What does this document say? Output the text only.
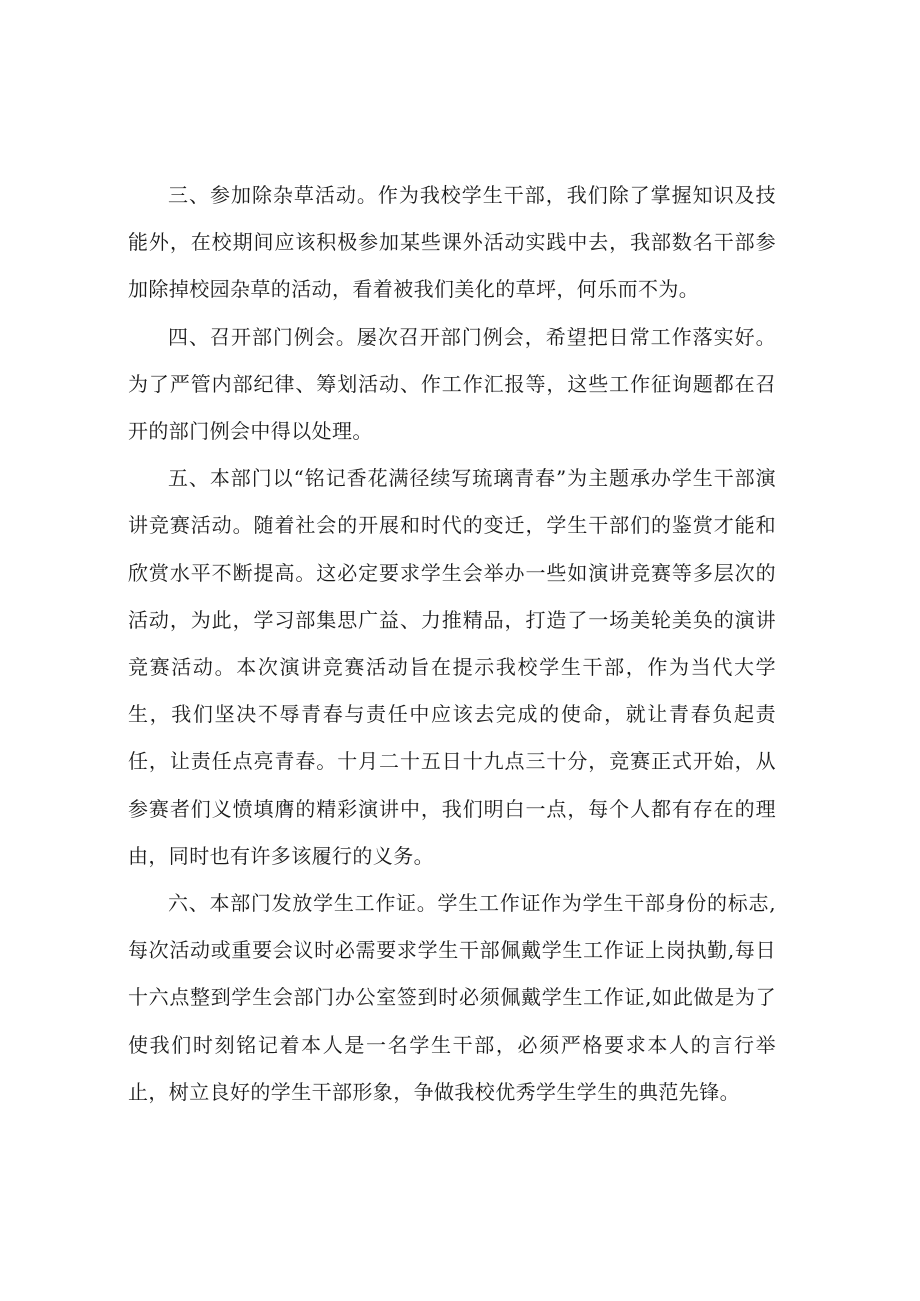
三、参加除杂草活动。作为我校学生干部，我们除了掌握知识及技能外，在校期间应该积极参加某些课外活动实践中去，我部数名干部参加除掉校园杂草的活动，看着被我们美化的草坪，何乐而不为。

四、召开部门例会。屡次召开部门例会，希望把日常工作落实好。为了严管内部纪律、筹划活动、作工作汇报等，这些工作征询题都在召开的部门例会中得以处理。

五、本部门以“铭记香花满径续写琉璃青春”为主题承办学生干部演讲竞赛活动。随着社会的开展和时代的变迁，学生干部们的鉴赏才能和欣赏水平不断提高。这必定要求学生会举办一些如演讲竞赛等多层次的活动，为此，学习部集思广益、力推精品，打造了一场美轮美奂的演讲竞赛活动。本次演讲竞赛活动旨在提示我校学生干部，作为当代大学生，我们坚决不辱青春与责任中应该去完成的使命，就让青春负起责任，让责任点亮青春。十月二十五日十九点三十分，竞赛正式开始，从参赛者们义愤填膺的精彩演讲中，我们明白一点，每个人都有存在的理由，同时也有许多该履行的义务。

六、本部门发放学生工作证。学生工作证作为学生干部身份的标志,每次活动或重要会议时必需要求学生干部佩戴学生工作证上岗执勤,每日十六点整到学生会部门办公室签到时必须佩戴学生工作证,如此做是为了使我们时刻铭记着本人是一名学生干部，必须严格要求本人的言行举止，树立良好的学生干部形象，争做我校优秀学生学生的典范先锋。
